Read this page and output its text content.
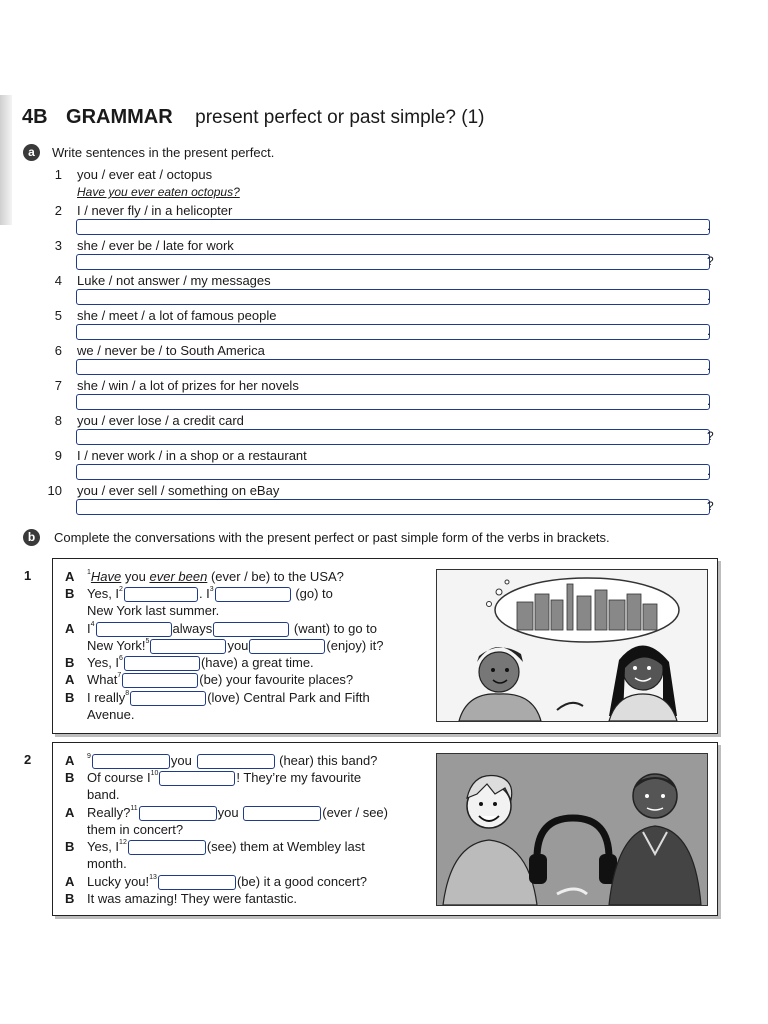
4B GRAMMAR present perfect or past simple? (1)
a	Write sentences in the present perfect.
1 you / ever eat / octopus
Have you ever eaten octopus?
2 I / never fly / in a helicopter
.
3 she / ever be / late for work
?
4 Luke / not answer / my messages
.
5 she / meet / a lot of famous people
.
6 we / never be / to South America
.
7 she / win / a lot of prizes for her novels
.
8 you / ever lose / a credit card
?
9 I / never work / in a shop or a restaurant
.
10 you / ever sell / something on eBay
?
b	Complete the conversations with the present perfect or past simple form of the verbs in brackets.
1	A $^1$Have you ever been (ever / be) to the USA?
B Yes, $I^2$	. $I^3$	(go) to
New York last summer.
A $I^4$	always	(want) to go to
New York!$^5$	you	(enjoy) it?
B Yes, $I^6$	(have) a great time.
A What$^7$	(be) your favourite places?
B I really$^8$	(love) Central Park and Fifth
Avenue.
2	A $^9$	you	(hear) this band?
B Of course $I^{10}$	! They’re my favourite
band.
A Really?$^{11}$	you	(ever / see)
them in concert?
B Yes, $I^{12}$	(see) them at Wembley last
month.
A Lucky you!$^{13}$	(be) it a good concert?
B It was amazing! They were fantastic.
